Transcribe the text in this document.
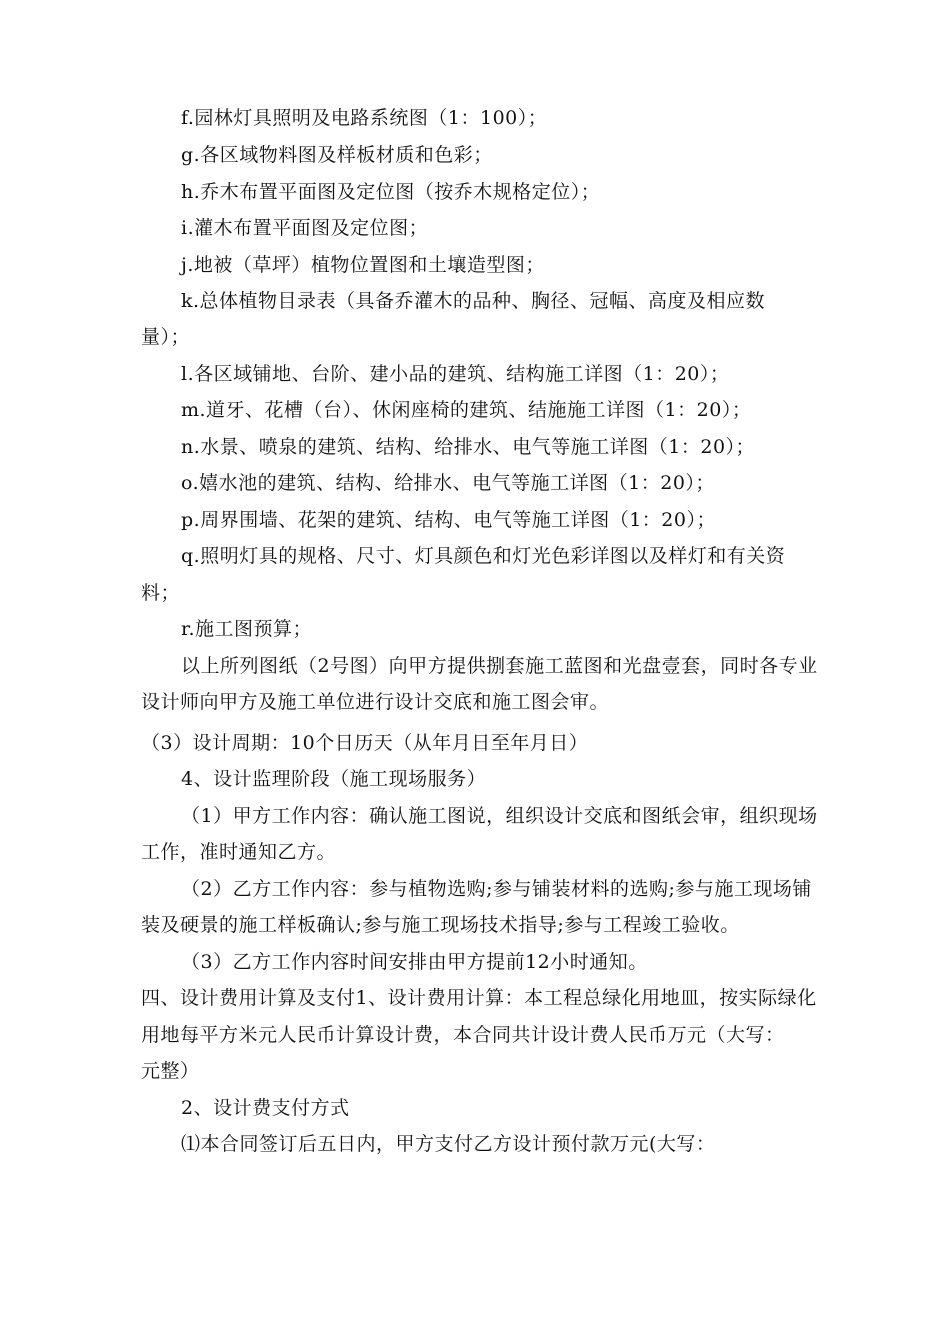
f.园林灯具照明及电路系统图（1：100）；
g.各区域物料图及样板材质和色彩；
h.乔木布置平面图及定位图（按乔木规格定位）；
i.灌木布置平面图及定位图；
j.地被（草坪）植物位置图和土壤造型图；
k.总体植物目录表（具备乔灌木的品种、胸径、冠幅、高度及相应数
量）；
l.各区域铺地、台阶、建小品的建筑、结构施工详图（1：20）；
m.道牙、花槽（台）、休闲座椅的建筑、结施施工详图（1：20）；
n.水景、喷泉的建筑、结构、给排水、电气等施工详图（1：20）；
o.嬉水池的建筑、结构、给排水、电气等施工详图（1：20）；
p.周界围墙、花架的建筑、结构、电气等施工详图（1：20）；
q.照明灯具的规格、尺寸、灯具颜色和灯光色彩详图以及样灯和有关资
料；
r.施工图预算；
以上所列图纸（2号图）向甲方提供捌套施工蓝图和光盘壹套，同时各专业
设计师向甲方及施工单位进行设计交底和施工图会审。
（3）设计周期：10个日历天（从年月日至年月日）
4、设计监理阶段（施工现场服务）
（1）甲方工作内容：确认施工图说，组织设计交底和图纸会审，组织现场
工作，准时通知乙方。
（2）乙方工作内容：参与植物选购;参与铺装材料的选购;参与施工现场铺
装及硬景的施工样板确认;参与施工现场技术指导;参与工程竣工验收。
（3）乙方工作内容时间安排由甲方提前12小时通知。
四、设计费用计算及支付1、设计费用计算：本工程总绿化用地皿，按实际绿化
用地每平方米元人民币计算设计费，本合同共计设计费人民币万元（大写：
元整）
2、设计费支付方式
⑴本合同签订后五日内，甲方支付乙方设计预付款万元(大写：
